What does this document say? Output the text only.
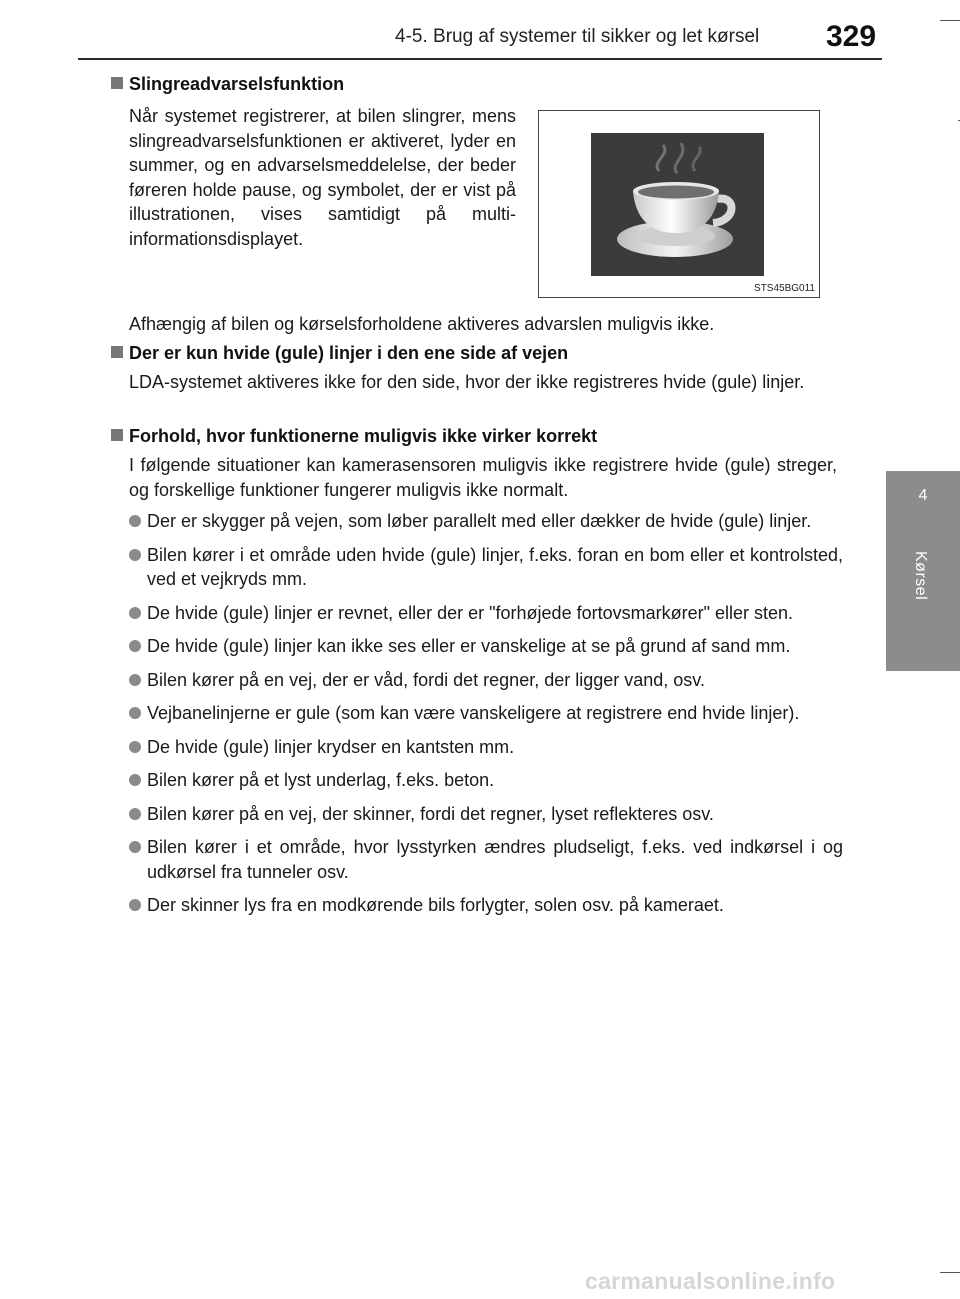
4-5. Brug af systemer til sikker og let kørsel	329
4
Kørsel
Slingreadvarselsfunktion
Når systemet registrerer, at bilen slingrer, mens slingreadvarselsfunktionen er aktiveret, lyder en summer, og en advarselsmeddelelse, der beder føreren holde pause, og symbolet, der er vist på illustrationen, vises samtidigt på multi-informationsdisplayet.
STS45BG011
Afhængig af bilen og kørselsforholdene aktiveres advarslen muligvis ikke.
Der er kun hvide (gule) linjer i den ene side af vejen
LDA-systemet aktiveres ikke for den side, hvor der ikke registreres hvide (gule) linjer.
Forhold, hvor funktionerne muligvis ikke virker korrekt
I følgende situationer kan kamerasensoren muligvis ikke registrere hvide (gule) streger, og forskellige funktioner fungerer muligvis ikke normalt.
Der er skygger på vejen, som løber parallelt med eller dækker de hvide (gule) linjer.
Bilen kører i et område uden hvide (gule) linjer, f.eks. foran en bom eller et kontrolsted, ved et vejkryds mm.
De hvide (gule) linjer er revnet, eller der er "forhøjede fortovsmarkører" eller sten.
De hvide (gule) linjer kan ikke ses eller er vanskelige at se på grund af sand mm.
Bilen kører på en vej, der er våd, fordi det regner, der ligger vand, osv.
Vejbanelinjerne er gule (som kan være vanskeligere at registrere end hvide linjer).
De hvide (gule) linjer krydser en kantsten mm.
Bilen kører på et lyst underlag, f.eks. beton.
Bilen kører på en vej, der skinner, fordi det regner, lyset reflekteres osv.
Bilen kører i et område, hvor lysstyrken ændres pludseligt, f.eks. ved indkørsel i og udkørsel fra tunneler osv.
Der skinner lys fra en modkørende bils forlygter, solen osv. på kameraet.
carmanualsonline.info
